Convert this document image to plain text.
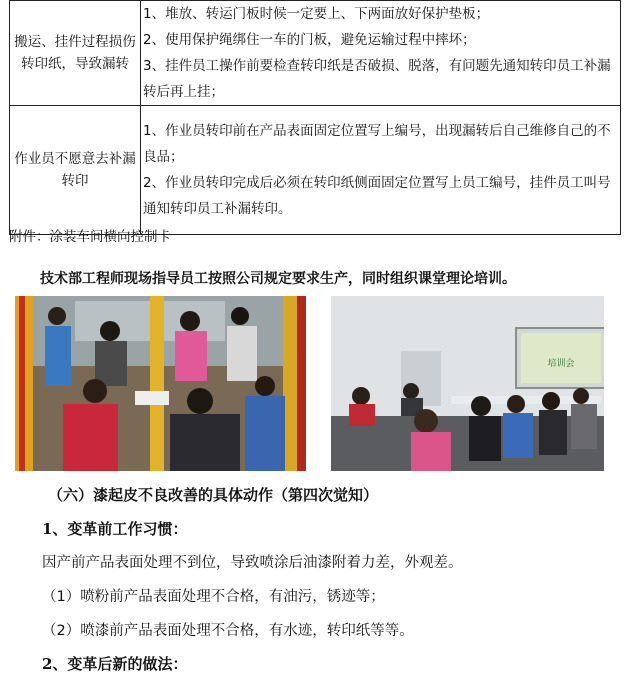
搬运、挂件过程损伤转印纸，导致漏转	1、堆放、转运门板时候一定要上、下两面放好保护垫板；
2、使用保护绳绑住一车的门板，避免运输过程中摔坏；
3、挂件员工操作前要检查转印纸是否破损、脱落，有问题先通知转印员工补漏转后再上挂；

作业员不愿意去补漏转印	1、作业员转印前在产品表面固定位置写上编号，出现漏转后自己维修自己的不良品；
2、作业员转印完成后必须在转印纸侧面固定位置写上员工编号，挂件员工叫号通知转印员工补漏转印。
附件：涂装车间横向控制卡
技术部工程师现场指导员工按照公司规定要求生产，同时组织课堂理论培训。
培训会
（六）漆起皮不良改善的具体动作（第四次觉知）
1、变革前工作习惯：
因产前产品表面处理不到位，导致喷涂后油漆附着力差，外观差。
（1）喷粉前产品表面处理不合格，有油污，锈迹等；
（2）喷漆前产品表面处理不合格，有水迹，转印纸等等。
2、变革后新的做法：
